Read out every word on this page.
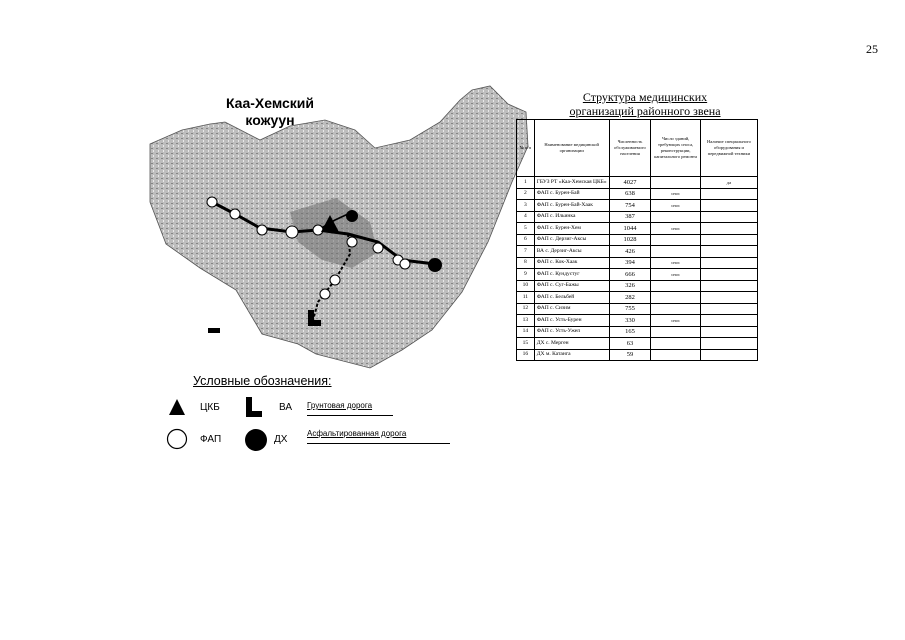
25
Каа-Хемский
кожуун
Структура медицинских
организаций районного звена
№ п/п	Наименование медицинской организации	Численность обслуживаемого населения	Число зданий, требующих сноса, реконструкции, капитального ремонта	Наличие специального оборудования и передвижной техники
1	ГБУЗ РТ «Каа-Хемская ЦКБ»	4027		да
2	ФАП с. Бурен-Бай	638	снос	
3	ФАП с. Бурен-Бай-Хаак	754	снос	
4	ФАП с. Ильинка	387		
5	ФАП с. Бурен-Хем	1044	снос	
6	ФАП с. Дерзиг-Аксы	1028		
7	ВА с. Дерзиг-Аксы	426		
8	ФАП с. Кок-Хаак	394	снос	
9	ФАП с. Кундустуг	666	снос	
10	ФАП с. Суг-Бажы	326		
11	ФАП с. Бельбей	282		
12	ФАП с. Сизим	755		
13	ФАП с. Усть-Бурен	330	снос	
14	ФАП с. Усть-Ужеп	165		
15	ДХ с. Мерген	63		
16	ДХ м. Катанга	59		
Условные обозначения:
ЦКБ	ВА Грунтовая дорога
ФАП	ДХ
Асфальтированная дорога
